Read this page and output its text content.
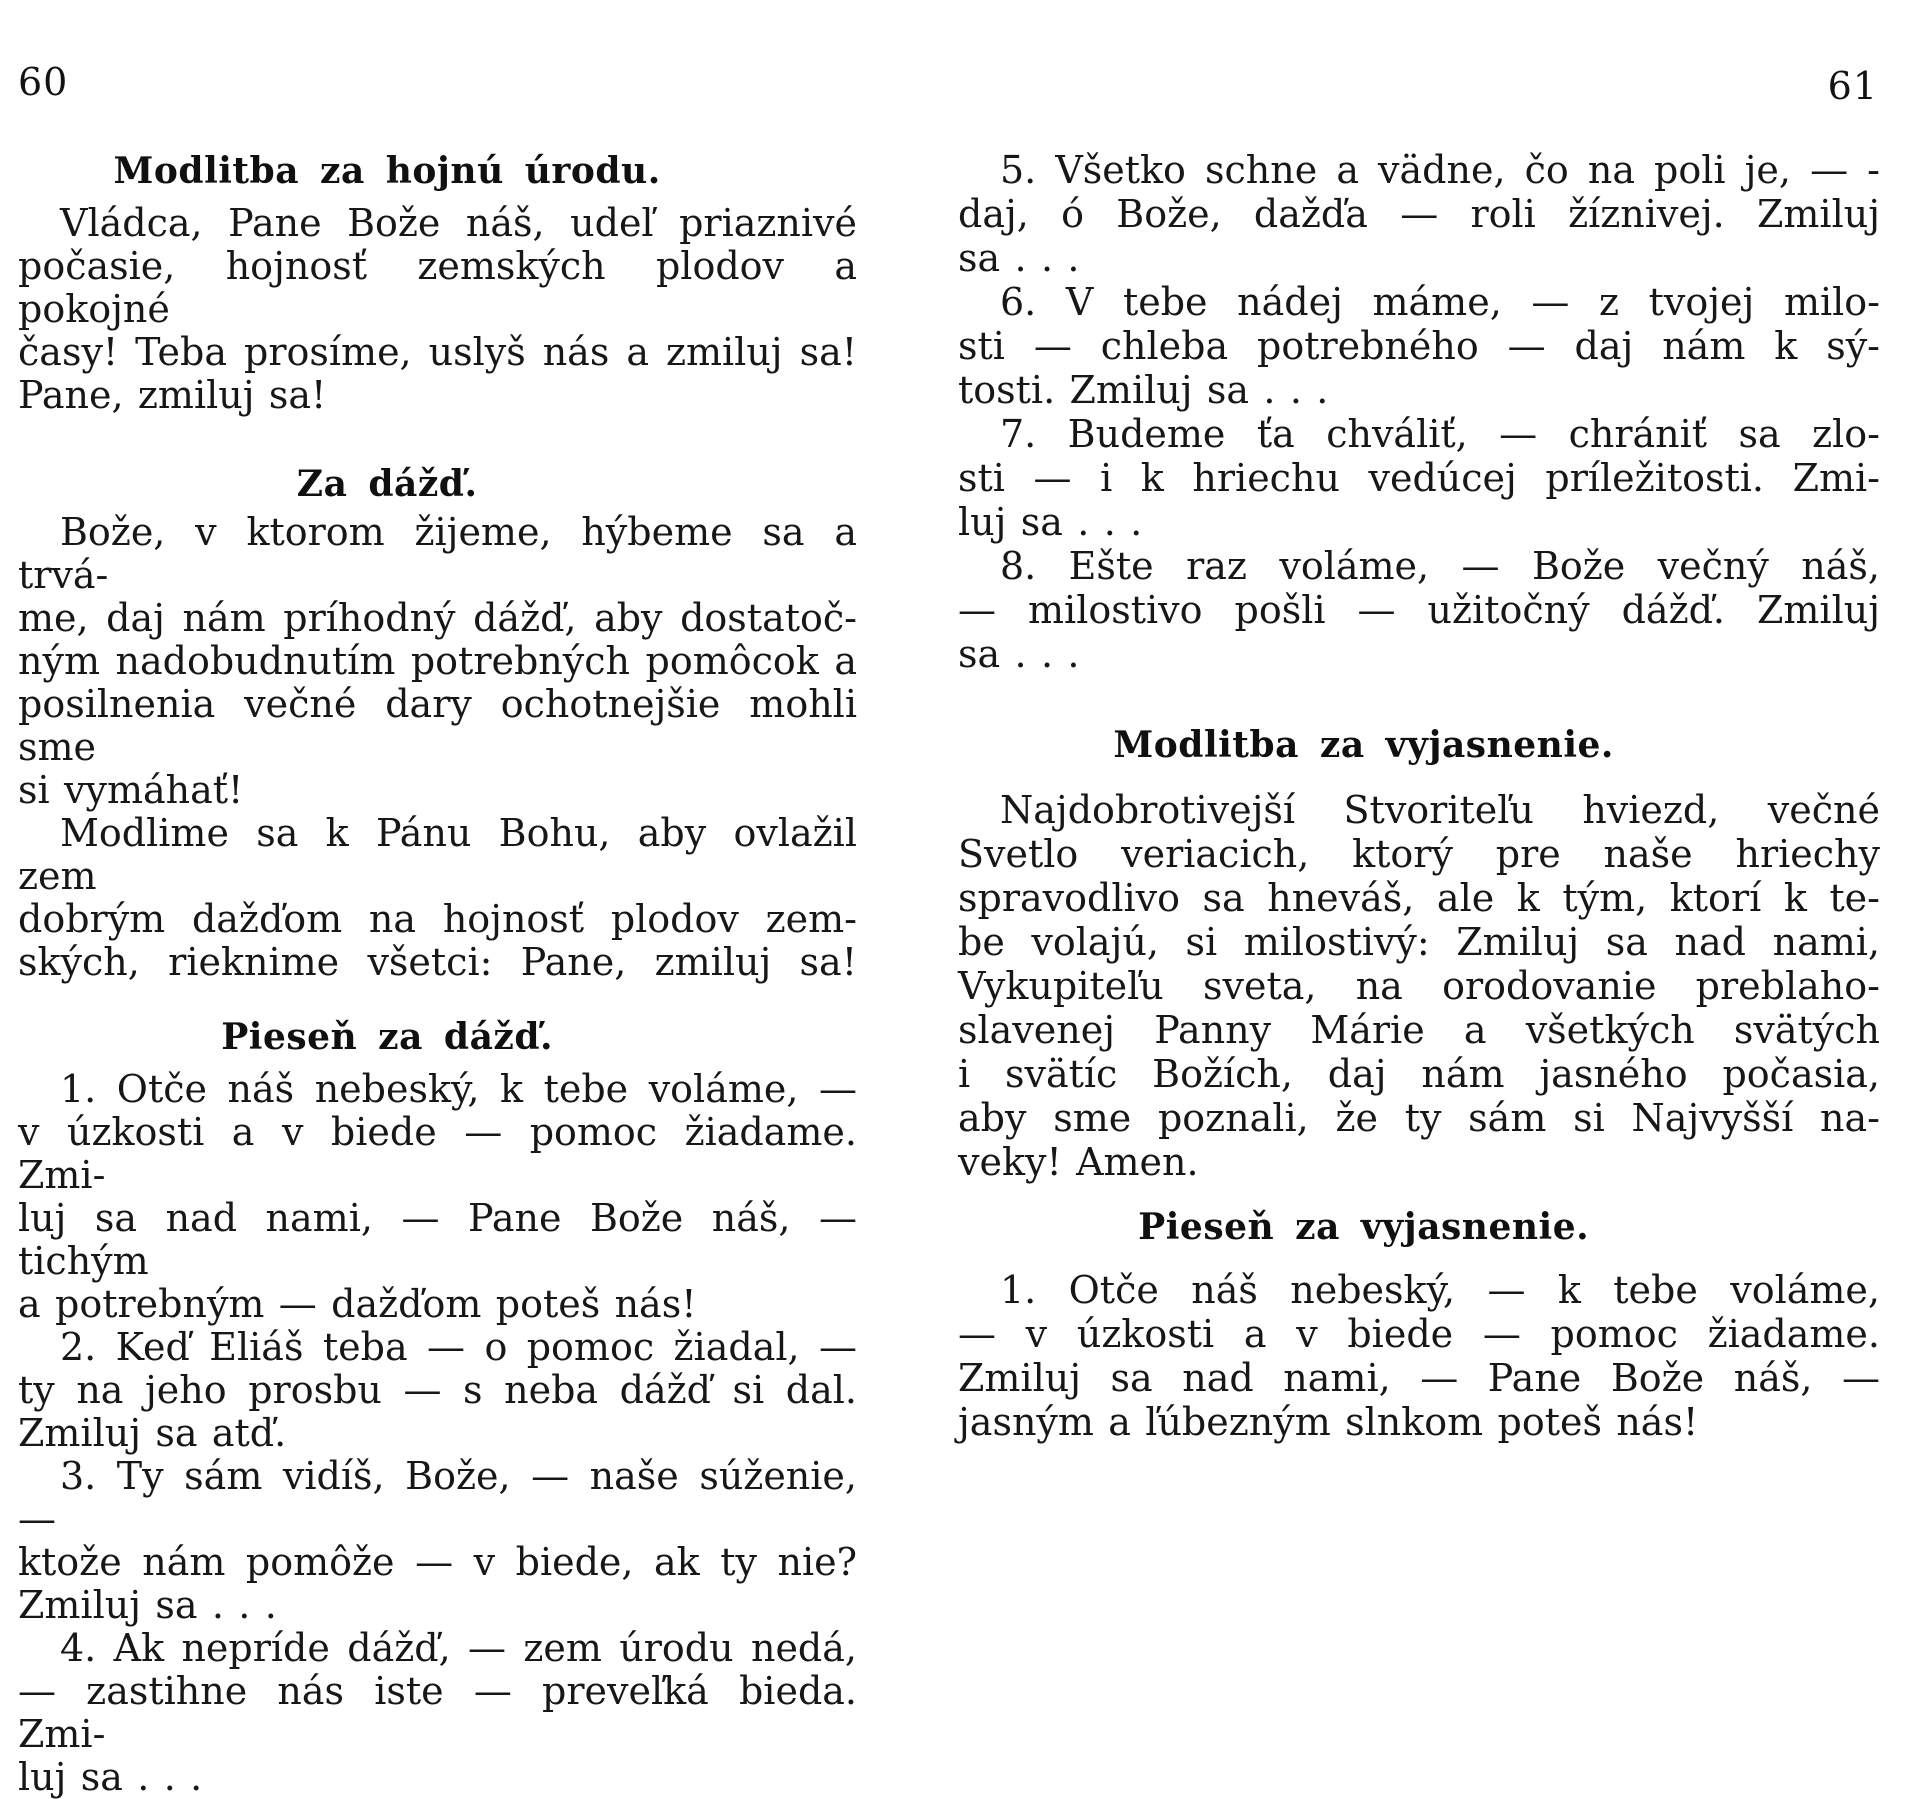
60
Modlitba za hojnú úrodu.
Vládca, Pane Bože náš, udeľ priaznivé
počasie, hojnosť zemských plodov a pokojné
časy! Teba prosíme, uslyš nás a zmiluj sa!
Pane, zmiluj sa!
Za dážď.
Bože, v ktorom žijeme, hýbeme sa a trvá-
me, daj nám príhodný dážď, aby dostatoč-
ným nadobudnutím potrebných pomôcok a
posilnenia večné dary ochotnejšie mohli sme
si vymáhať!
Modlime sa k Pánu Bohu, aby ovlažil zem
dobrým dažďom na hojnosť plodov zem-
ských, rieknime všetci: Pane, zmiluj sa!
Pieseň za dážď.
1. Otče náš nebeský, k tebe voláme, —
v úzkosti a v biede — pomoc žiadame. Zmi-
luj sa nad nami, — Pane Bože náš, — tichým
a potrebným — dažďom poteš nás!
2. Keď Eliáš teba — o pomoc žiadal, —
ty na jeho prosbu — s neba dážď si dal.
Zmiluj sa atď.
3. Ty sám vidíš, Bože, — naše súženie, —
ktože nám pomôže — v biede, ak ty nie?
Zmiluj sa . . .
4. Ak nepríde dážď, — zem úrodu nedá,
— zastihne nás iste — preveľká bieda. Zmi-
luj sa . . .
61
5. Všetko schne a vädne, čo na poli je, — -
daj, ó Bože, dažďa — roli žíznivej. Zmiluj
sa . . .
6. V tebe nádej máme, — z tvojej milo-
sti — chleba potrebného — daj nám k sý-
tosti. Zmiluj sa . . .
7. Budeme ťa chváliť, — chrániť sa zlo-
sti — i k hriechu vedúcej príležitosti. Zmi-
luj sa . . .
8. Ešte raz voláme, — Bože večný náš,
— milostivo pošli — užitočný dážď. Zmiluj
sa . . .
Modlitba za vyjasnenie.
Najdobrotivejší Stvoriteľu hviezd, večné
Svetlo veriacich, ktorý pre naše hriechy
spravodlivo sa hneváš, ale k tým, ktorí k te-
be volajú, si milostivý: Zmiluj sa nad nami,
Vykupiteľu sveta, na orodovanie preblaho-
slavenej Panny Márie a všetkých svätých
i svätíc Božích, daj nám jasného počasia,
aby sme poznali, že ty sám si Najvyšší na-
veky! Amen.
Pieseň za vyjasnenie.
1. Otče náš nebeský, — k tebe voláme,
— v úzkosti a v biede — pomoc žiadame.
Zmiluj sa nad nami, — Pane Bože náš, —
jasným a ľúbezným slnkom poteš nás!
